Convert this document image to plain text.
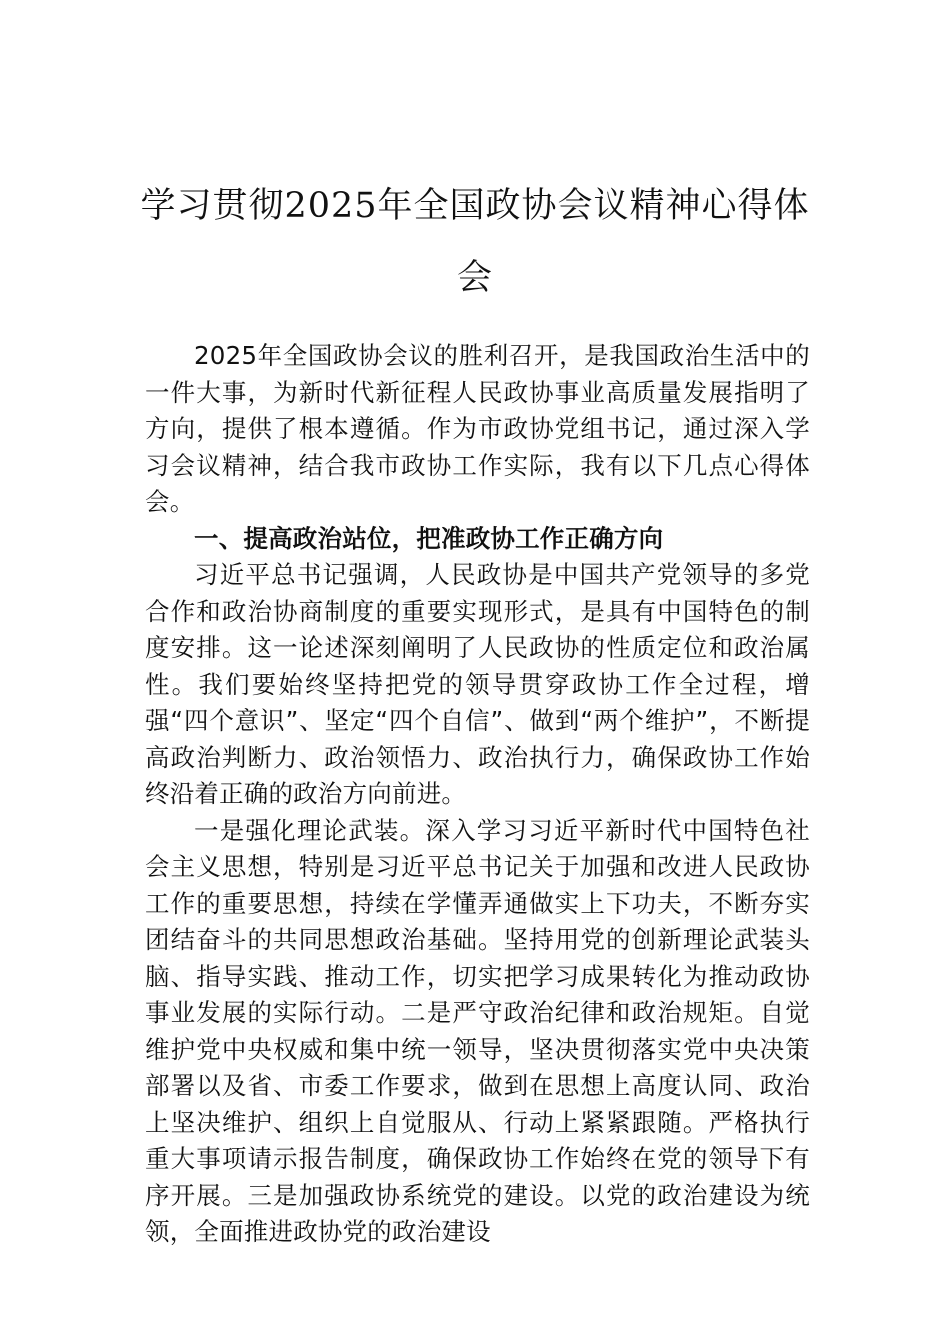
学习贯彻2025年全国政协会议精神心得体会

2025年全国政协会议的胜利召开，是我国政治生活中的一件大事，为新时代新征程人民政协事业高质量发展指明了方向，提供了根本遵循。作为市政协党组书记，通过深入学习会议精神，结合我市政协工作实际，我有以下几点心得体会。

一、提高政治站位，把准政协工作正确方向

习近平总书记强调，人民政协是中国共产党领导的多党合作和政治协商制度的重要实现形式，是具有中国特色的制度安排。这一论述深刻阐明了人民政协的性质定位和政治属性。我们要始终坚持把党的领导贯穿政协工作全过程，增强“四个意识”、坚定“四个自信”、做到“两个维护”，不断提高政治判断力、政治领悟力、政治执行力，确保政协工作始终沿着正确的政治方向前进。

一是强化理论武装。深入学习习近平新时代中国特色社会主义思想，特别是习近平总书记关于加强和改进人民政协工作的重要思想，持续在学懂弄通做实上下功夫，不断夯实团结奋斗的共同思想政治基础。坚持用党的创新理论武装头脑、指导实践、推动工作，切实把学习成果转化为推动政协事业发展的实际行动。二是严守政治纪律和政治规矩。自觉维护党中央权威和集中统一领导，坚决贯彻落实党中央决策部署以及省、市委工作要求，做到在思想上高度认同、政治上坚决维护、组织上自觉服从、行动上紧紧跟随。严格执行重大事项请示报告制度，确保政协工作始终在党的领导下有序开展。三是加强政协系统党的建设。以党的政治建设为统领，全面推进政协党的政治建设
